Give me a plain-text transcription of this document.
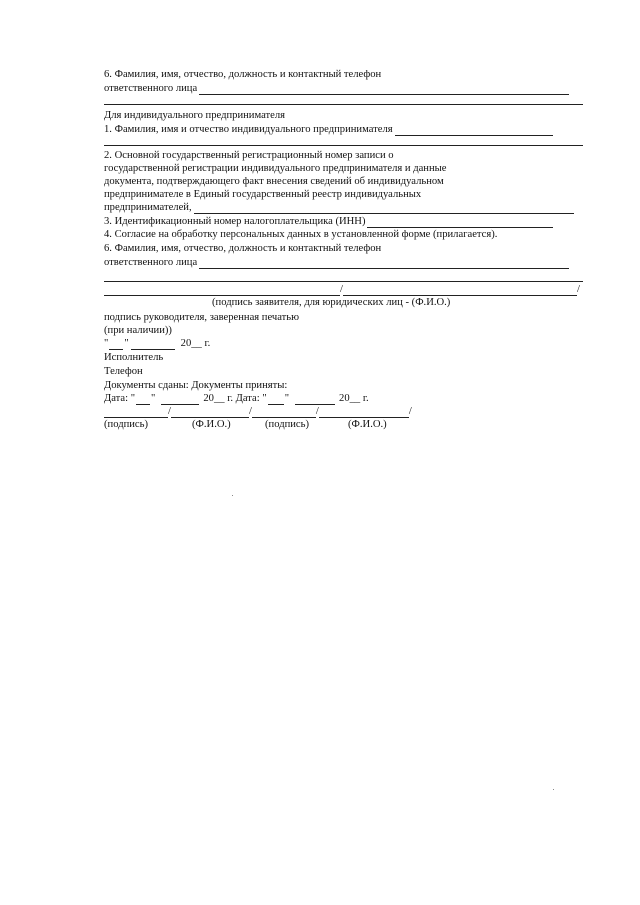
6. Фамилия, имя, отчество, должность и контактный телефон
ответственного лица
Для индивидуального предпринимателя
1. Фамилия, имя и отчество индивидуального предпринимателя
2. Основной государственный регистрационный номер записи о
государственной регистрации индивидуального предпринимателя и данные
документа, подтверждающего факт внесения сведений об индивидуальном
предпринимателе в Единый государственный реестр индивидуальных
предпринимателей,
3. Идентификационный номер налогоплательщика (ИНН)
4. Согласие на обработку персональных данных в установленной форме (прилагается).
6. Фамилия, имя, отчество, должность и контактный телефон
ответственного лица
/	/
(подпись заявителя, для юридических лиц - (Ф.И.О.)
подпись руководителя, заверенная печатью
(при наличии))
" "	20__ г.
Исполнитель
Телефон
Документы сданы: Документы приняты:
Дата: " "	20__ г. Дата: " "	20__ г.
/	/	/	/
(подпись)	(Ф.И.О.)	(подпись)	(Ф.И.О.)
